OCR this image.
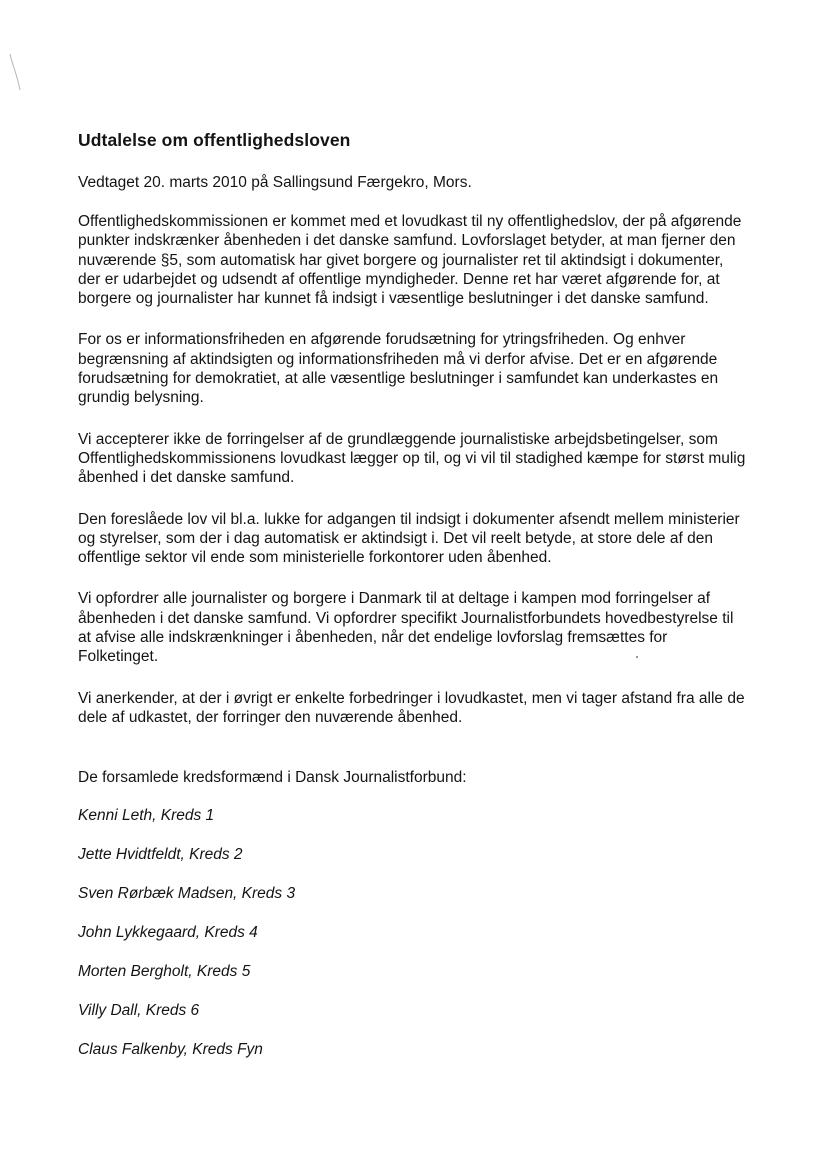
Udtalelse om offentlighedsloven

Vedtaget 20. marts 2010 på Sallingsund Færgekro, Mors.

Offentlighedskommissionen er kommet med et lovudkast til ny offentlighedslov, der på afgørende punkter indskrænker åbenheden i det danske samfund. Lovforslaget betyder, at man fjerner den nuværende §5, som automatisk har givet borgere og journalister ret til aktindsigt i dokumenter, der er udarbejdet og udsendt af offentlige myndigheder. Denne ret har været afgørende for, at borgere og journalister har kunnet få indsigt i væsentlige beslutninger i det danske samfund.

For os er informationsfriheden en afgørende forudsætning for ytringsfriheden. Og enhver begrænsning af aktindsigten og informationsfriheden må vi derfor afvise. Det er en afgørende forudsætning for demokratiet, at alle væsentlige beslutninger i samfundet kan underkastes en grundig belysning.

Vi accepterer ikke de forringelser af de grundlæggende journalistiske arbejdsbetingelser, som Offentlighedskommissionens lovudkast lægger op til, og vi vil til stadighed kæmpe for størst mulig åbenhed i det danske samfund.

Den foreslåede lov vil bl.a. lukke for adgangen til indsigt i dokumenter afsendt mellem ministerier og styrelser, som der i dag automatisk er aktindsigt i. Det vil reelt betyde, at store dele af den offentlige sektor vil ende som ministerielle forkontorer uden åbenhed.

Vi opfordrer alle journalister og borgere i Danmark til at deltage i kampen mod forringelser af åbenheden i det danske samfund. Vi opfordrer specifikt Journalistforbundets hovedbestyrelse til at afvise alle indskrænkninger i åbenheden, når det endelige lovforslag fremsættes for Folketinget.

Vi anerkender, at der i øvrigt er enkelte forbedringer i lovudkastet, men vi tager afstand fra alle de dele af udkastet, der forringer den nuværende åbenhed.

De forsamlede kredsformænd i Dansk Journalistforbund:

Kenni Leth, Kreds 1
Jette Hvidtfeldt, Kreds 2
Sven Rørbæk Madsen, Kreds 3
John Lykkegaard, Kreds 4
Morten Bergholt, Kreds 5
Villy Dall, Kreds 6
Claus Falkenby, Kreds Fyn
